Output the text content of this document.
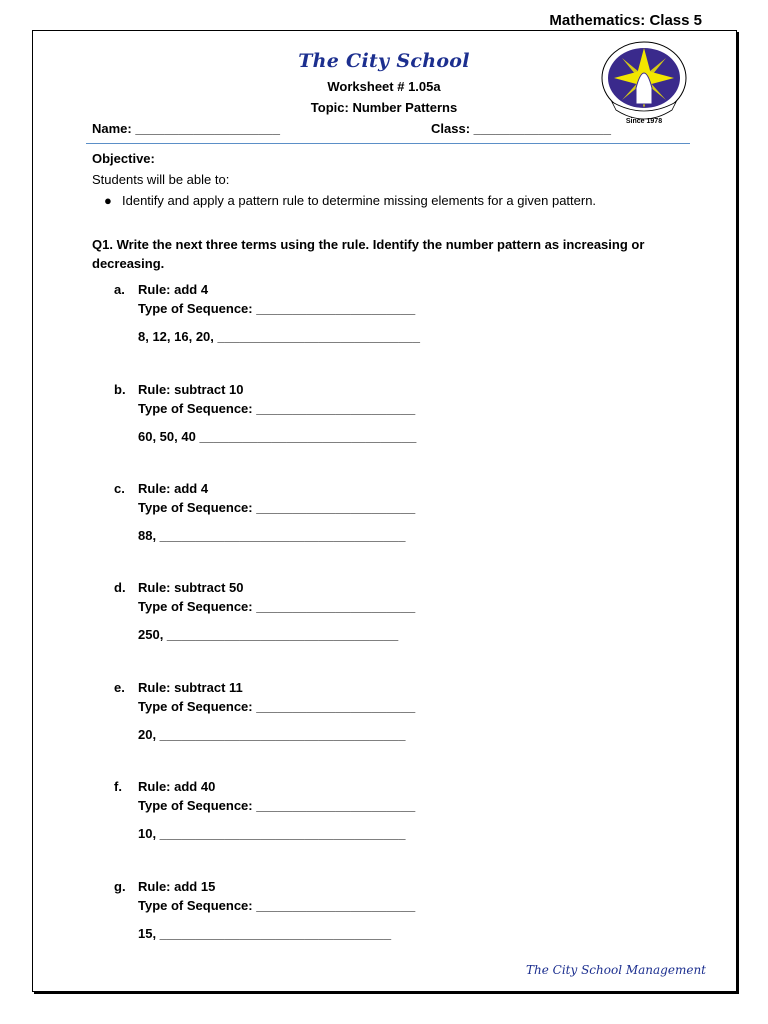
Mathematics: Class 5
The City School
Worksheet # 1.05a
Topic: Number Patterns
Since 1978
Name: ____________________	Class: ___________________
Objective:
Students will be able to:
● Identify and apply a pattern rule to determine missing elements for a given pattern.
Q1. Write the next three terms using the rule. Identify the number pattern as increasing or decreasing.
a. Rule: add 4
Type of Sequence: ______________________
8, 12, 16, 20, ____________________________
b. Rule: subtract 10
Type of Sequence: ______________________
60, 50, 40 ______________________________
c. Rule: add 4
Type of Sequence: ______________________
88, __________________________________
d. Rule: subtract 50
Type of Sequence: ______________________
250, ________________________________
e. Rule: subtract 11
Type of Sequence: ______________________
20, __________________________________
f. Rule: add 40
Type of Sequence: ______________________
10, __________________________________
g. Rule: add 15
Type of Sequence: ______________________
15, ________________________________
The City School Management
